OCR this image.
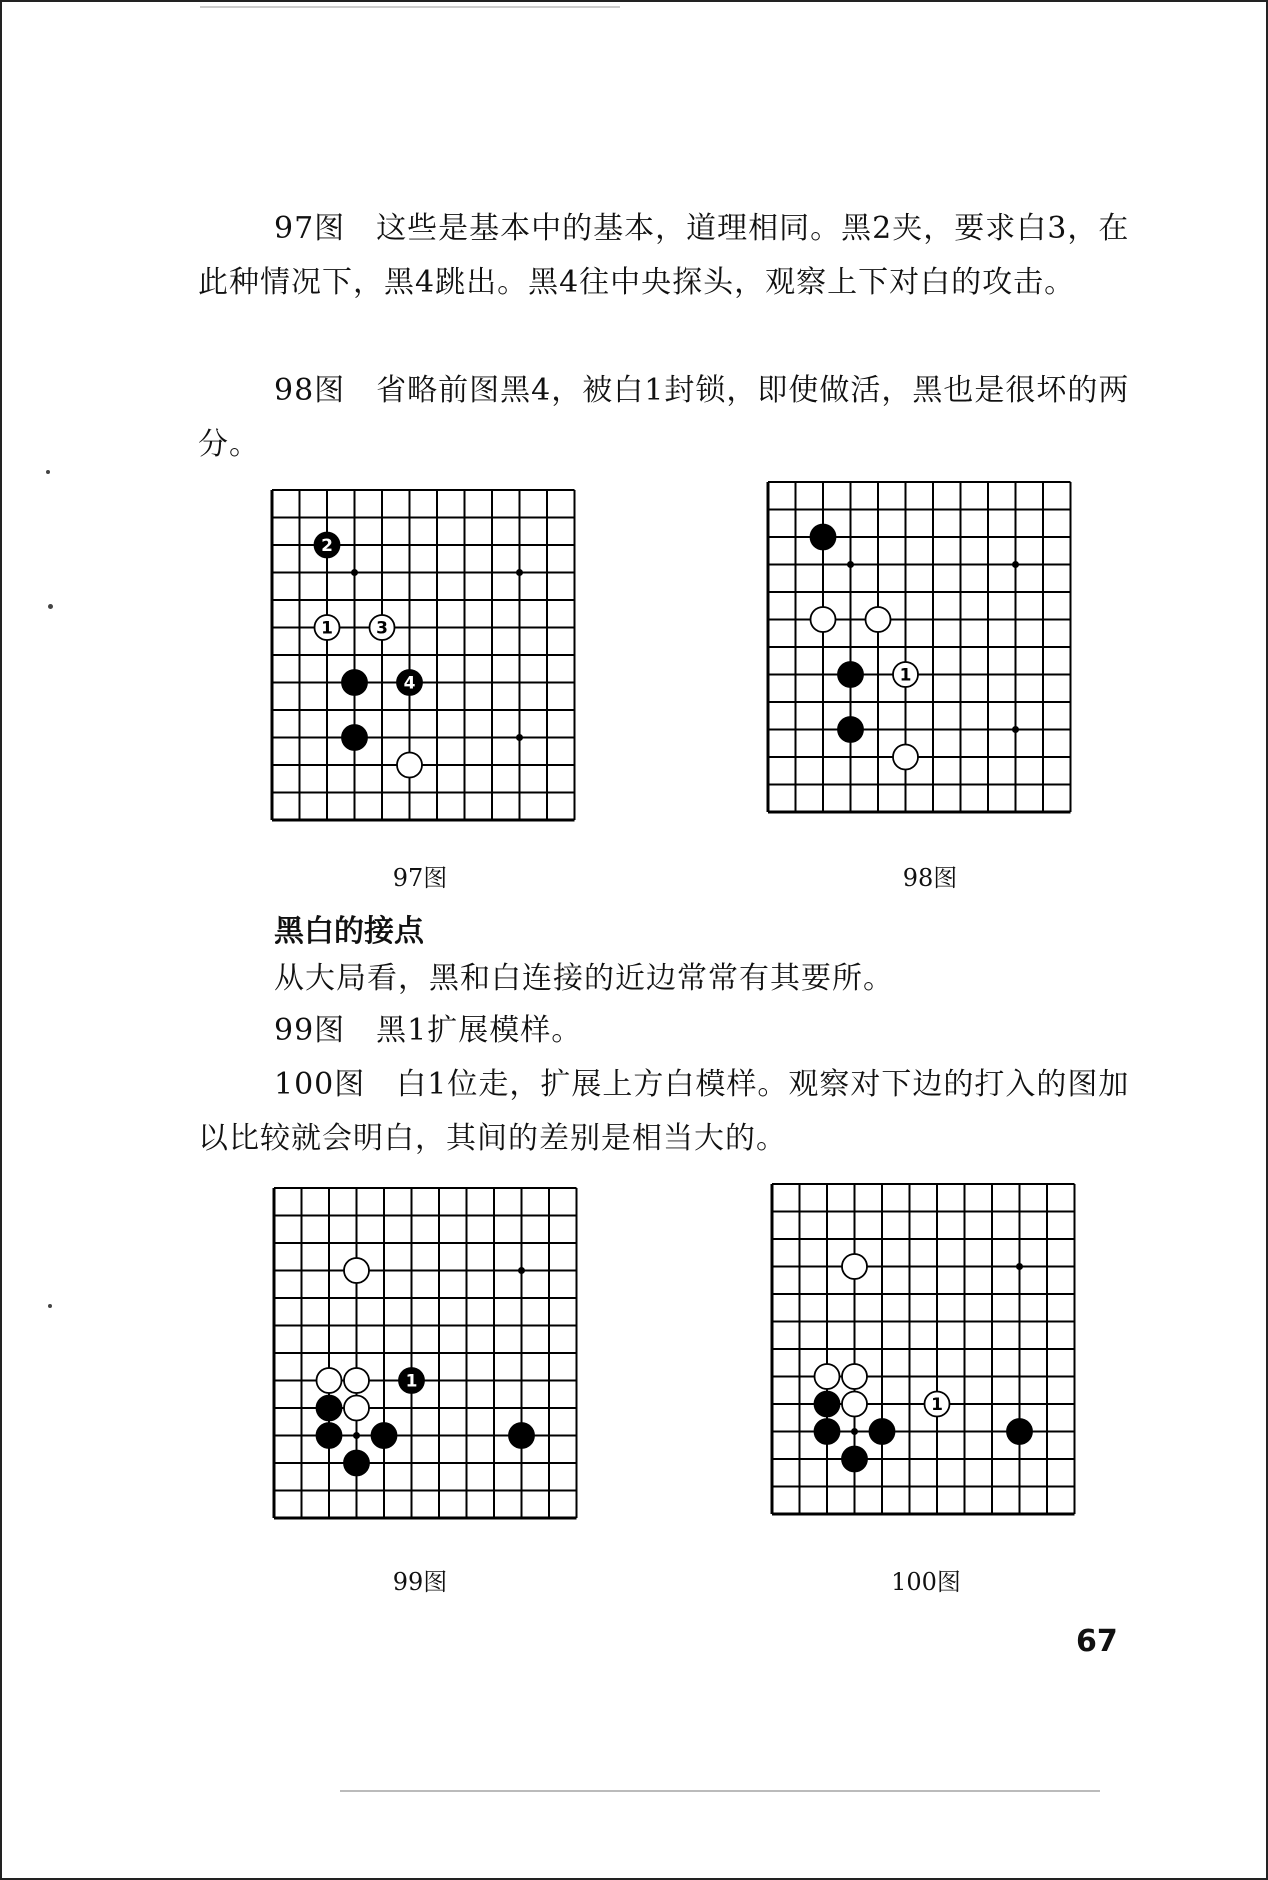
97图　这些是基本中的基本，道理相同。黑2夹，要求白3，在此种情况下，黑4跳出。黑4往中央探头，观察上下对白的攻击。
98图　省略前图黑4，被白1封锁，即使做活，黑也是很坏的两分。
2
1	3
4
97图
1
98图
黑白的接点
从大局看，黑和白连接的近边常常有其要所。
99图　黑1扩展模样。
100图　白1位走，扩展上方白模样。观察对下边的打入的图加以比较就会明白，其间的差别是相当大的。
1
99图
1
100图
67
